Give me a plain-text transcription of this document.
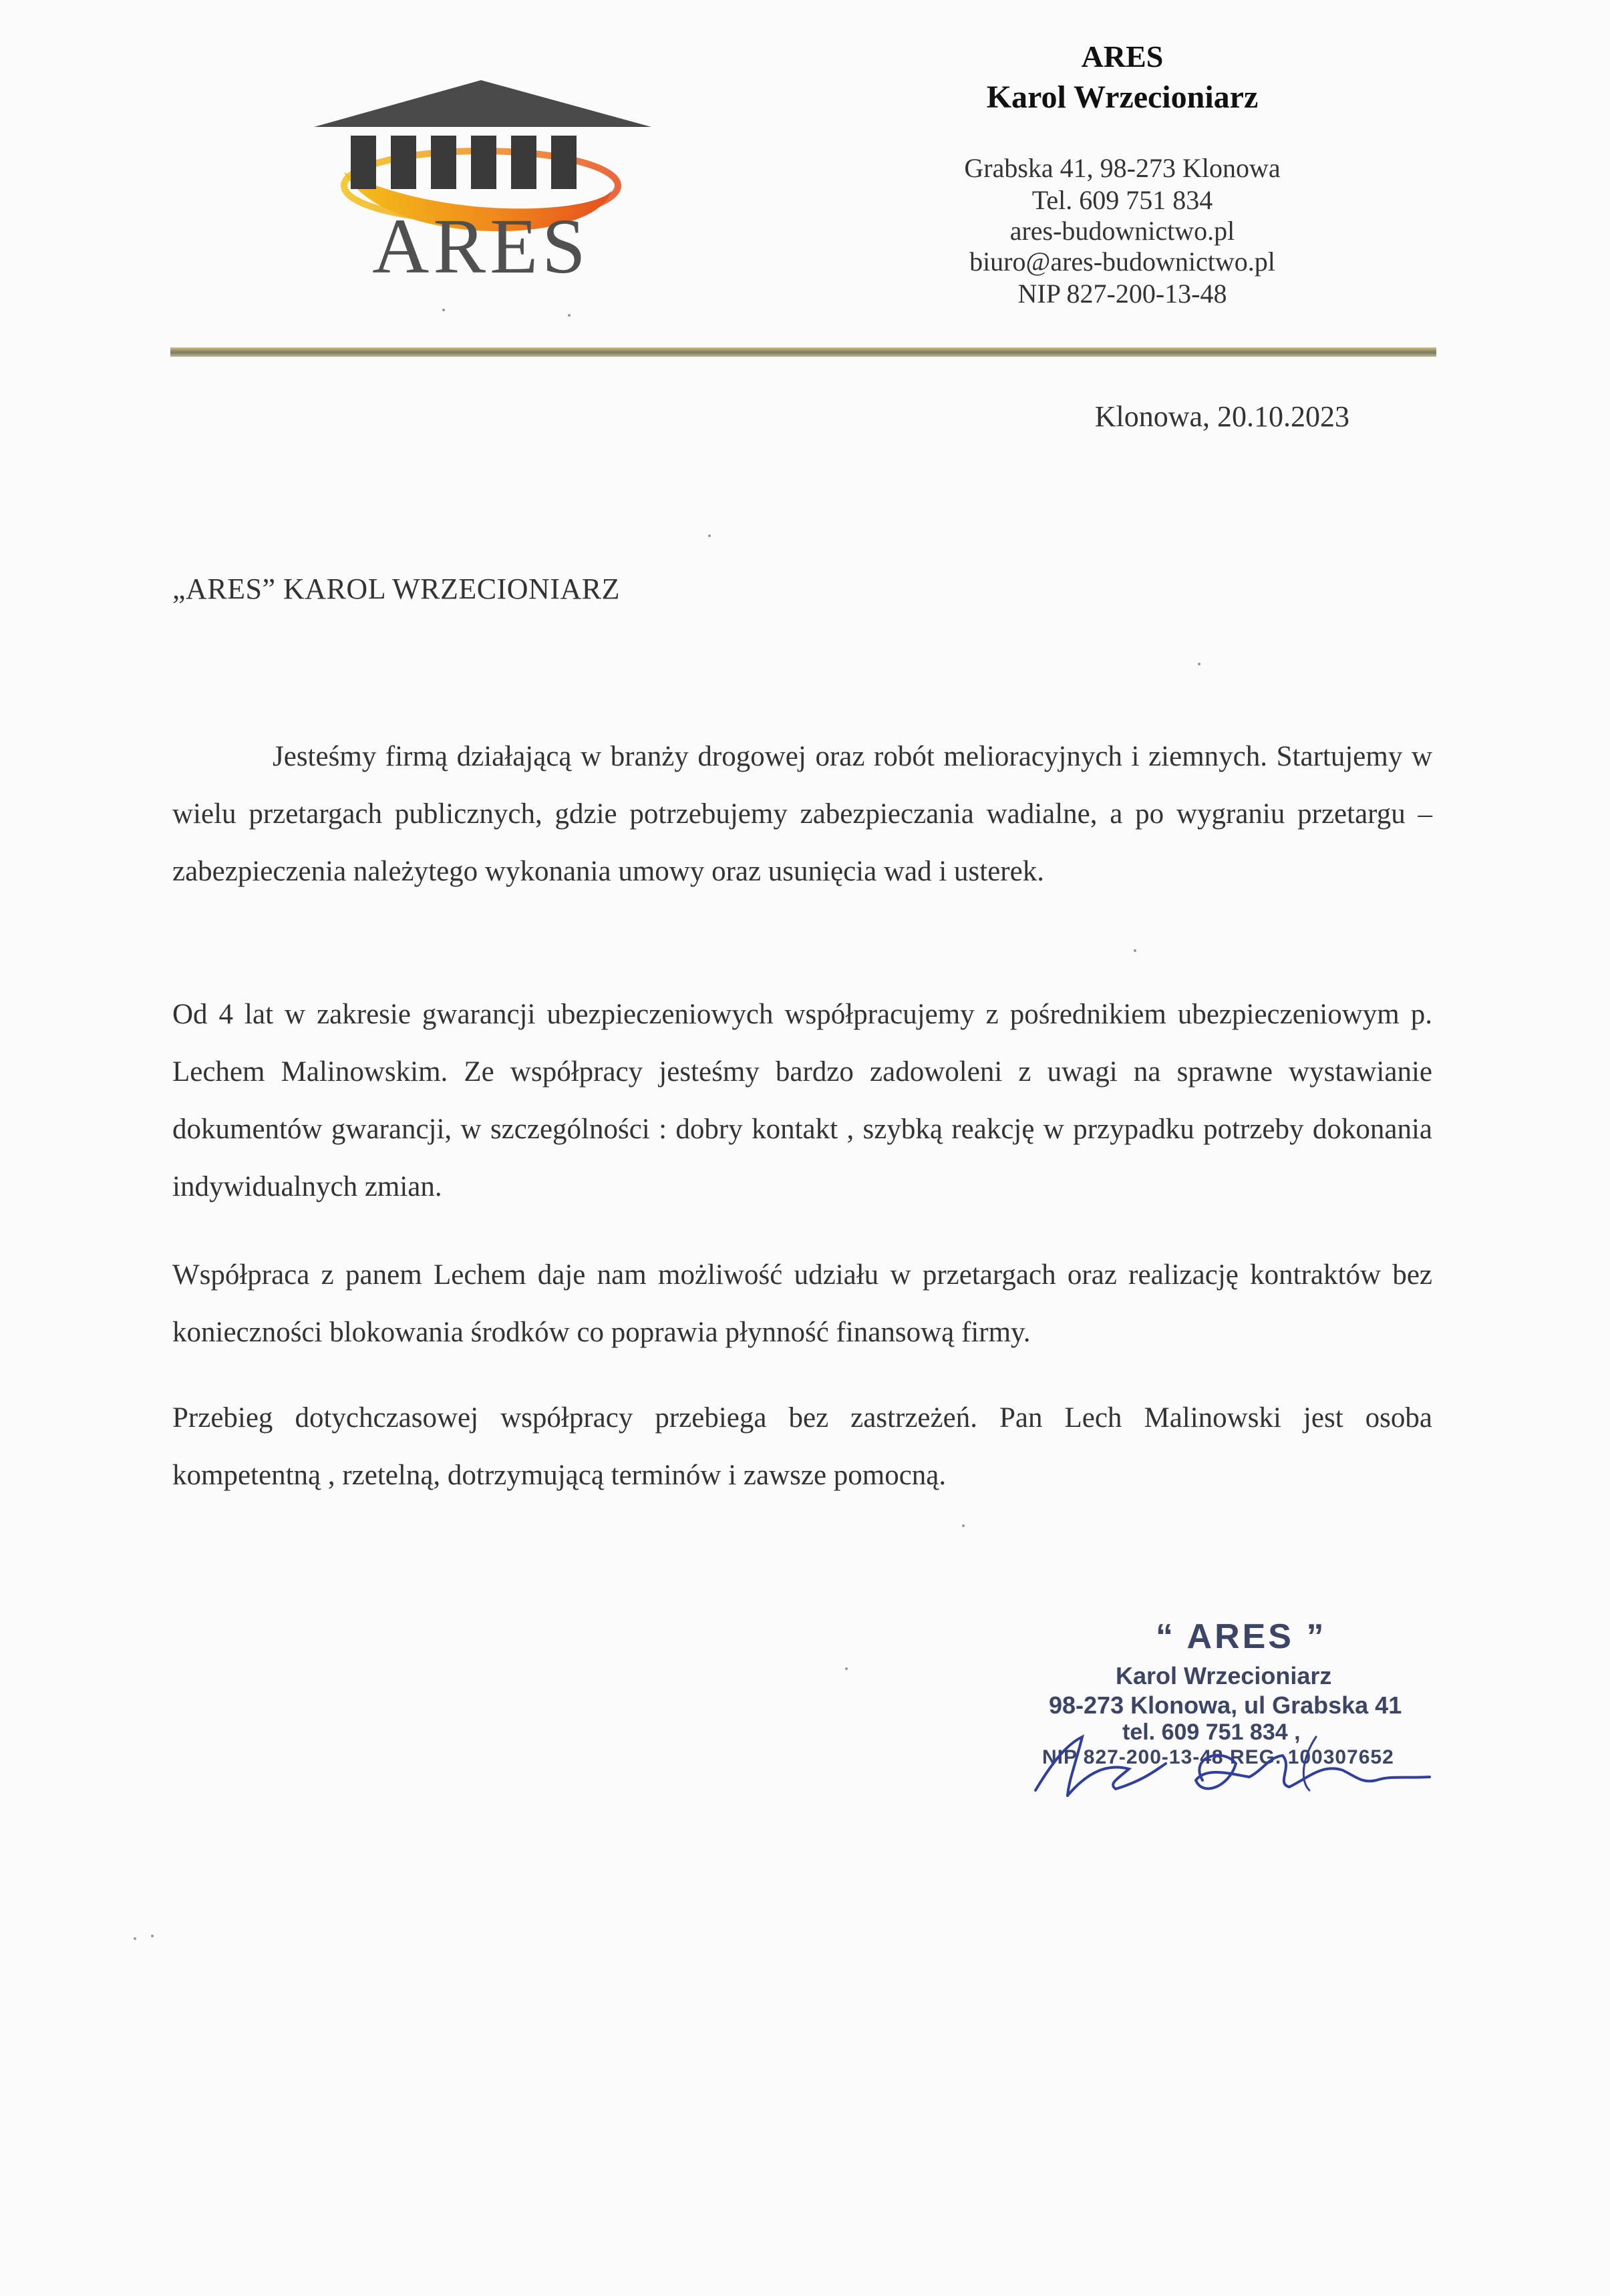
ARES
ARES
Karol Wrzecioniarz
Grabska 41, 98-273 Klonowa
Tel. 609 751 834
ares-budownictwo.pl
biuro@ares-budownictwo.pl
NIP 827-200-13-48
Klonowa, 20.10.2023
„ARES” KAROL WRZECIONIARZ
Jesteśmy firmą działającą w branży drogowej oraz robót melioracyjnych i ziemnych. Startujemy w wielu przetargach publicznych, gdzie potrzebujemy zabezpieczania wadialne, a po wygraniu przetargu –zabezpieczenia należytego wykonania umowy oraz usunięcia wad i usterek.
Od 4 lat w zakresie gwarancji ubezpieczeniowych współpracujemy z pośrednikiem ubezpieczeniowym p. Lechem Malinowskim. Ze współpracy jesteśmy bardzo zadowoleni z uwagi na sprawne wystawianie dokumentów gwarancji, w szczególności : dobry kontakt , szybką reakcję w przypadku potrzeby dokonania indywidualnych zmian.
Współpraca z panem Lechem daje nam możliwość udziału w przetargach oraz realizację kontraktów bez konieczności blokowania środków co poprawia płynność finansową firmy.
Przebieg dotychczasowej współpracy przebiega bez zastrzeżeń. Pan Lech Malinowski jest osoba kompetentną , rzetelną, dotrzymującą terminów i zawsze pomocną.
“ ARES ”
Karol Wrzecioniarz
98-273 Klonowa, ul Grabska 41
tel. 609 751 834 ,
NIP 827-200-13-48 REG. 100307652
